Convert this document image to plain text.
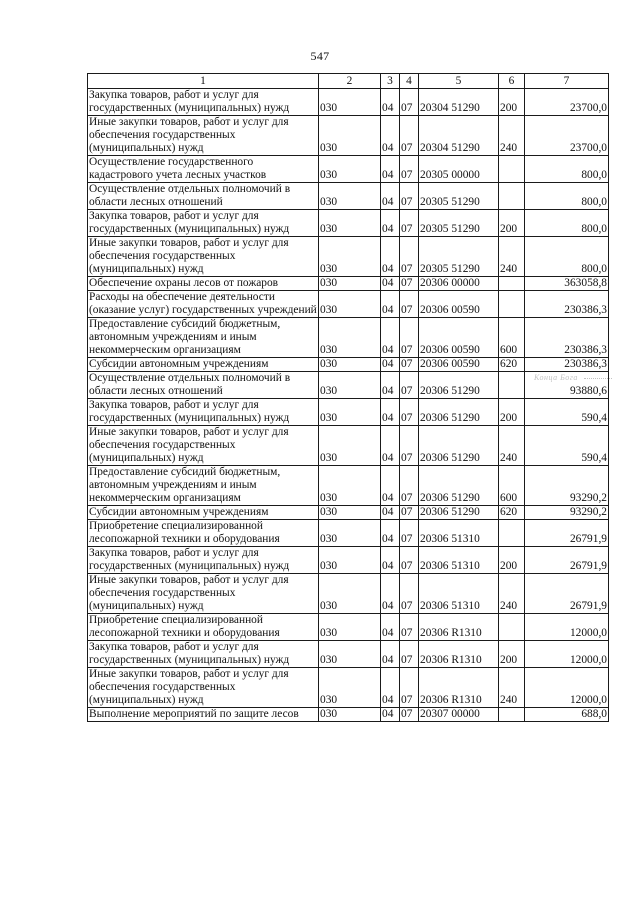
547
1	2	3	4	5	6	7
Закупка товаров, работ и услуг для государственных (муниципальных) нужд	030	04	07	20304 51290	200	23700,0
Иные закупки товаров, работ и услуг для обеспечения государственных (муниципальных) нужд	030	04	07	20304 51290	240	23700,0
Осуществление государственного кадастрового учета лесных участков	030	04	07	20305 00000		800,0
Осуществление отдельных полномочий в области лесных отношений	030	04	07	20305 51290		800,0
Закупка товаров, работ и услуг для государственных (муниципальных) нужд	030	04	07	20305 51290	200	800,0
Иные закупки товаров, работ и услуг для обеспечения государственных (муниципальных) нужд	030	04	07	20305 51290	240	800,0
Обеспечение охраны лесов от пожаров	030	04	07	20306 00000		363058,8
Расходы на обеспечение деятельности (оказание услуг) государственных учреждений	030	04	07	20306 00590		230386,3
Предоставление субсидий бюджетным, автономным учреждениям и иным некоммерческим организациям	030	04	07	20306 00590	600	230386,3
Субсидии автономным учреждениям	030	04	07	20306 00590	620	230386,3
Осуществление отдельных полномочий в области лесных отношений	030	04	07	20306 51290		93880,6
Закупка товаров, работ и услуг для государственных (муниципальных) нужд	030	04	07	20306 51290	200	590,4
Иные закупки товаров, работ и услуг для обеспечения государственных (муниципальных) нужд	030	04	07	20306 51290	240	590,4
Предоставление субсидий бюджетным, автономным учреждениям и иным некоммерческим организациям	030	04	07	20306 51290	600	93290,2
Субсидии автономным учреждениям	030	04	07	20306 51290	620	93290,2
Приобретение специализированной лесопожарной техники и оборудования	030	04	07	20306 51310		26791,9
Закупка товаров, работ и услуг для государственных (муниципальных) нужд	030	04	07	20306 51310	200	26791,9
Иные закупки товаров, работ и услуг для обеспечения государственных (муниципальных) нужд	030	04	07	20306 51310	240	26791,9
Приобретение специализированной лесопожарной техники и оборудования	030	04	07	20306 R1310		12000,0
Закупка товаров, работ и услуг для государственных (муниципальных) нужд	030	04	07	20306 R1310	200	12000,0
Иные закупки товаров, работ и услуг для обеспечения государственных (муниципальных) нужд	030	04	07	20306 R1310	240	12000,0
Выполнение мероприятий по защите лесов	030	04	07	20307 00000		688,0
Конца Бога
